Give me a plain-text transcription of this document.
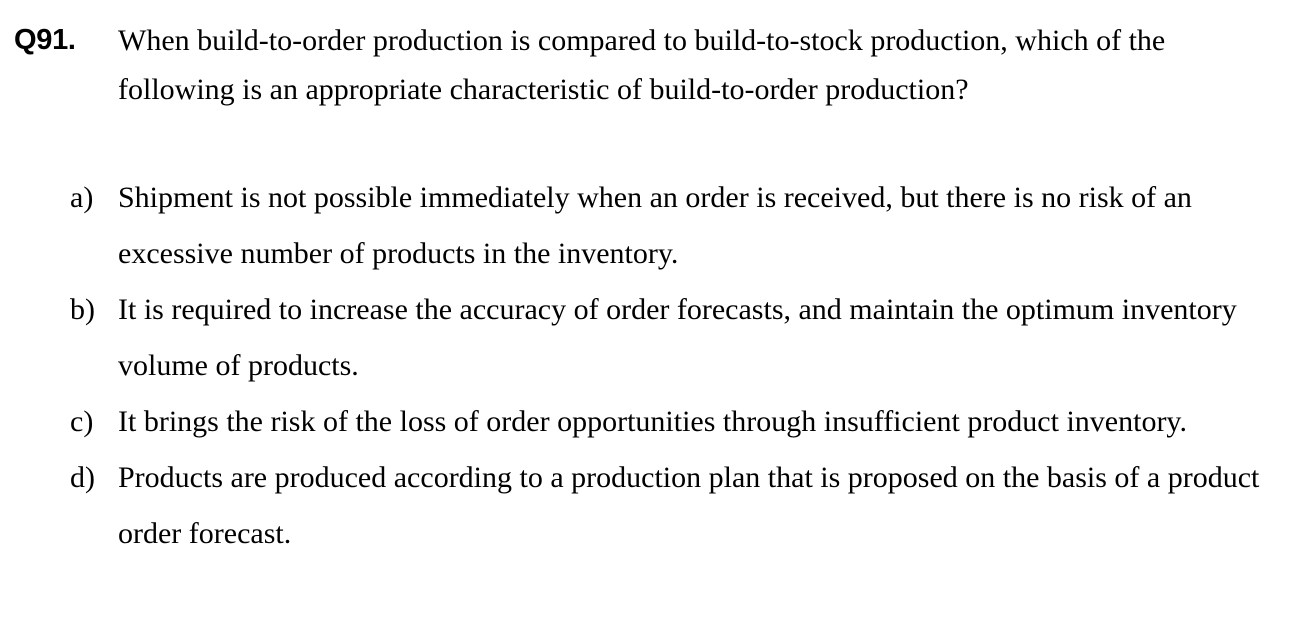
Q91.	When build-to-order production is compared to build-to-stock production, which of the following is an appropriate characteristic of build-to-order production?
a) Shipment is not possible immediately when an order is received, but there is no risk of an excessive number of products in the inventory.
b) It is required to increase the accuracy of order forecasts, and maintain the optimum inventory volume of products.
c) It brings the risk of the loss of order opportunities through insufficient product inventory.
d) Products are produced according to a production plan that is proposed on the basis of a product order forecast.
